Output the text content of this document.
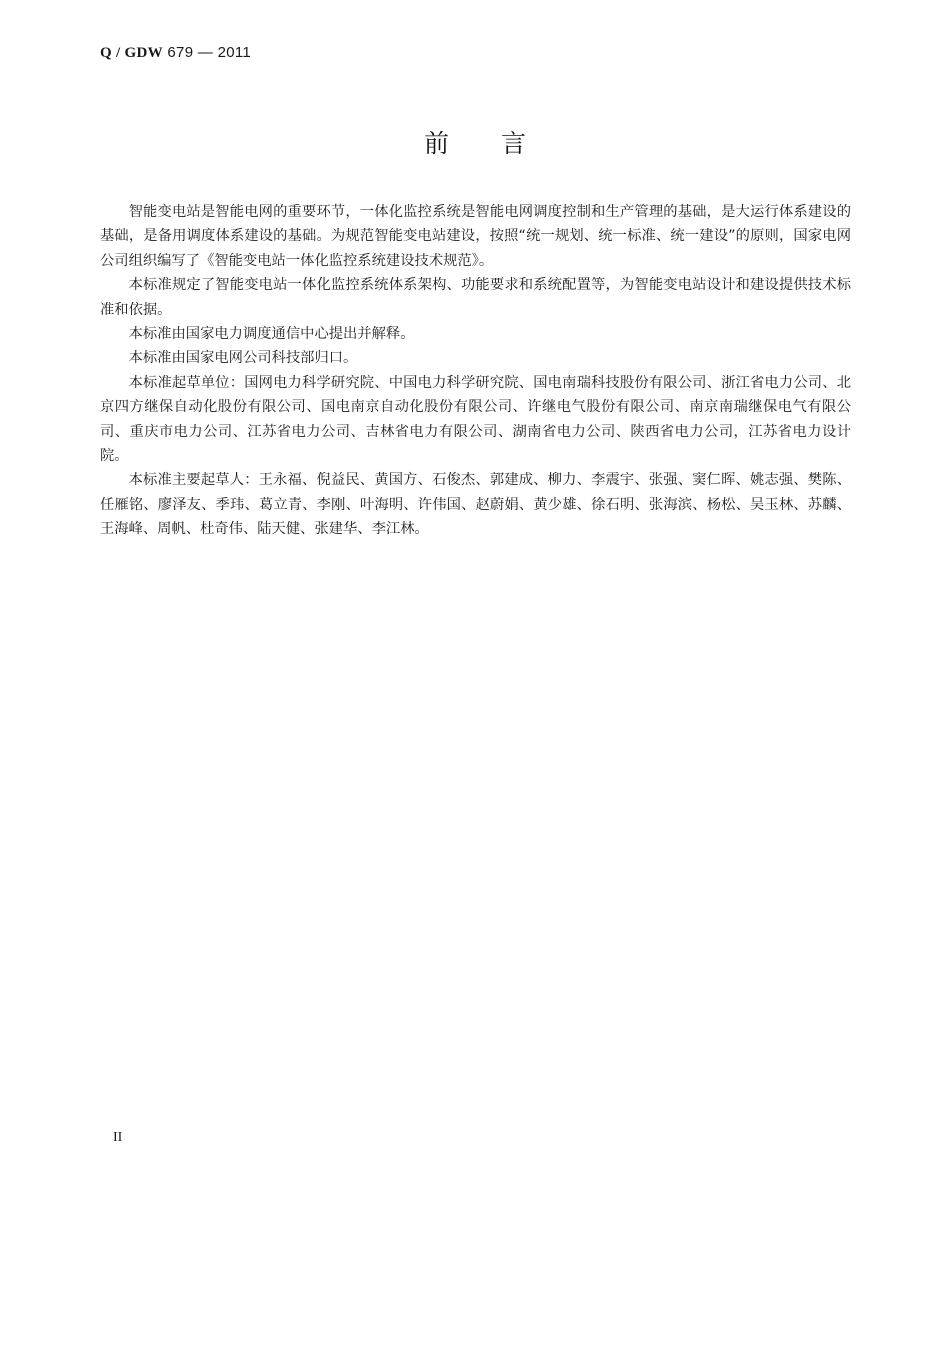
Q / GDW 679 — 2011
前言

智能变电站是智能电网的重要环节，一体化监控系统是智能电网调度控制和生产管理的基础，是大运行体系建设的基础，是备用调度体系建设的基础。为规范智能变电站建设，按照“统一规划、统一标准、统一建设”的原则，国家电网公司组织编写了《智能变电站一体化监控系统建设技术规范》。

本标准规定了智能变电站一体化监控系统体系架构、功能要求和系统配置等，为智能变电站设计和建设提供技术标准和依据。

本标准由国家电力调度通信中心提出并解释。

本标准由国家电网公司科技部归口。

本标准起草单位：国网电力科学研究院、中国电力科学研究院、国电南瑞科技股份有限公司、浙江省电力公司、北京四方继保自动化股份有限公司、国电南京自动化股份有限公司、许继电气股份有限公司、南京南瑞继保电气有限公司、重庆市电力公司、江苏省电力公司、吉林省电力有限公司、湖南省电力公司、陕西省电力公司，江苏省电力设计院。

本标准主要起草人：王永福、倪益民、黄国方、石俊杰、郭建成、柳力、李震宇、张强、窦仁晖、姚志强、樊陈、任雁铭、廖泽友、季玮、葛立青、李刚、叶海明、许伟国、赵蔚娟、黄少雄、徐石明、张海滨、杨松、吴玉林、苏麟、王海峰、周帆、杜奇伟、陆天健、张建华、李江林。

II
